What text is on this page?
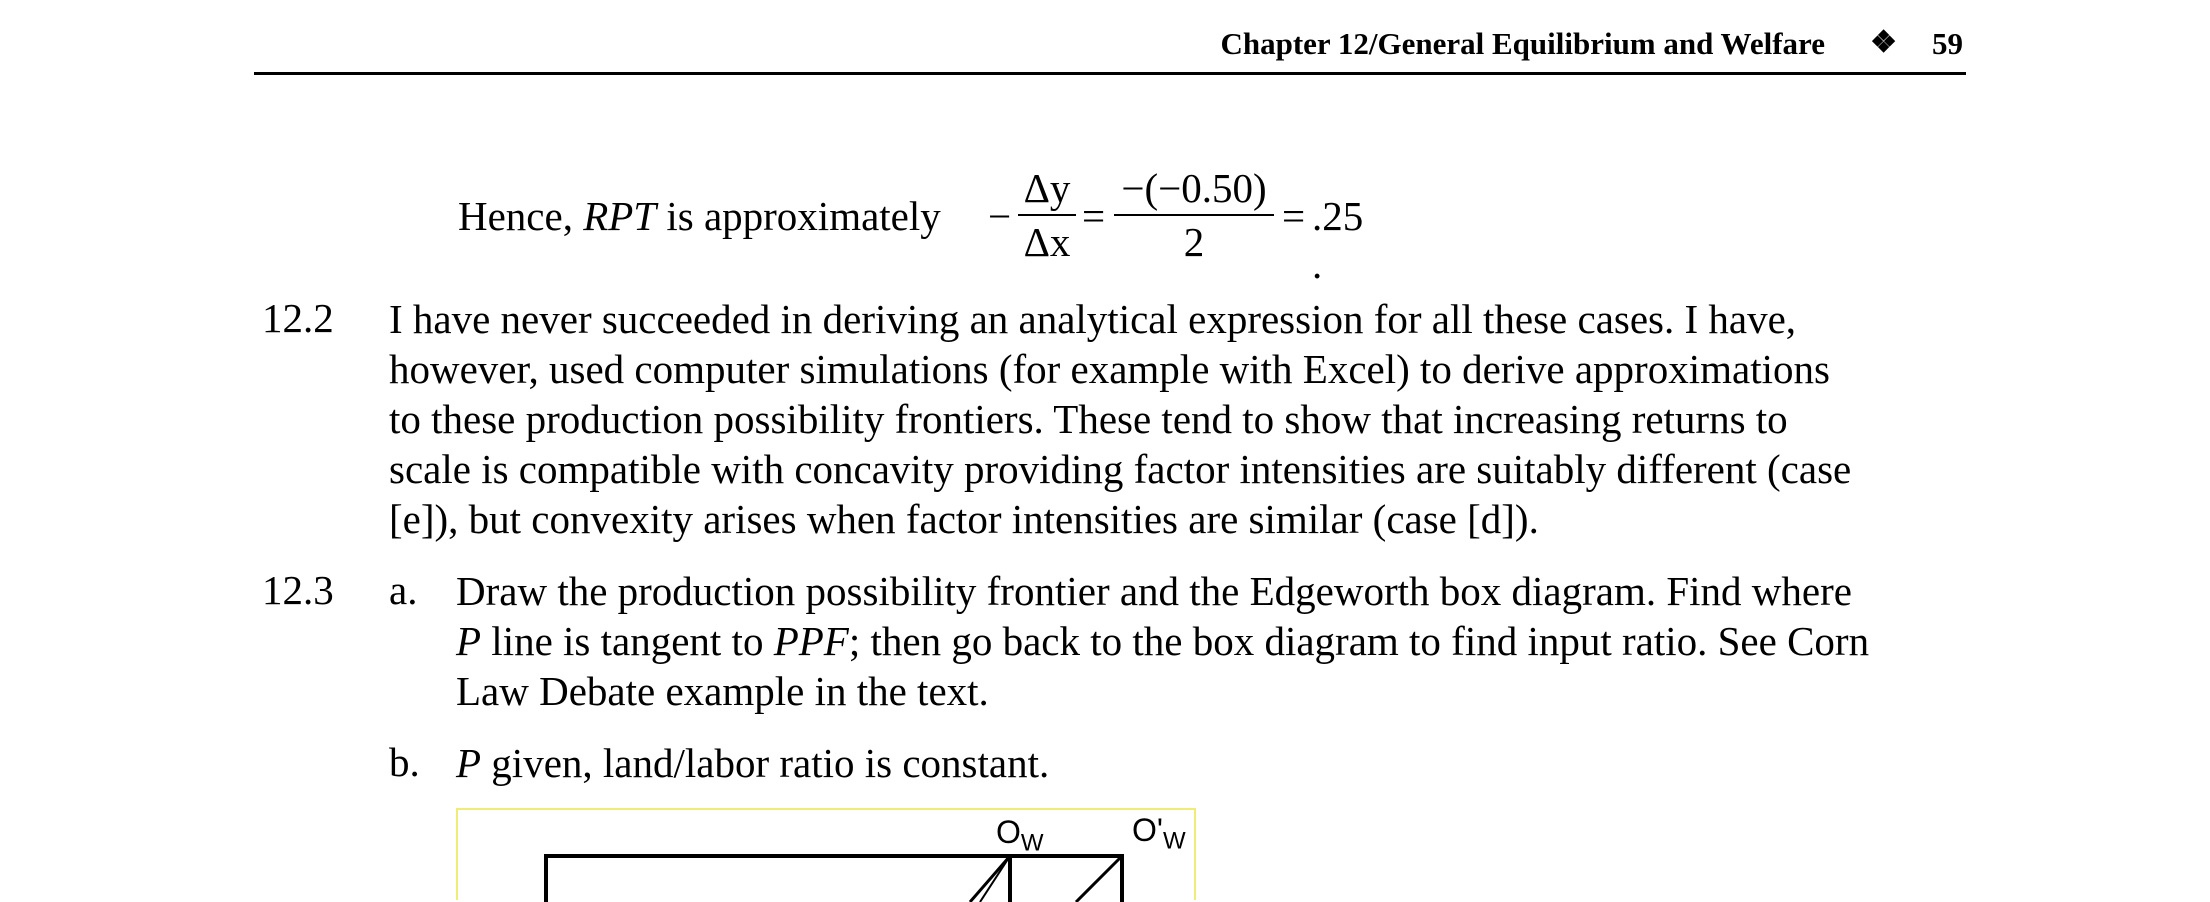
Chapter 12/General Equilibrium and Welfare ❖ 59
Hence, RPT is approximately −
Δy
Δx
=
−(−0.50)
2
= .25 .
12.2 I have never succeeded in deriving an analytical expression for all these cases. I have,

however, used computer simulations (for example with Excel) to derive approximations

to these production possibility frontiers. These tend to show that increasing returns to

scale is compatible with concavity providing factor intensities are suitably different (case

[e]), but convexity arises when factor intensities are similar (case [d]).

12.3 a. Draw the production possibility frontier and the Edgeworth box diagram. Find where

P line is tangent to PPF; then go back to the box diagram to find input ratio. See Corn

Law Debate example in the text.

b. P given, land/labor ratio is constant.

$O_W$	$O'_W$
